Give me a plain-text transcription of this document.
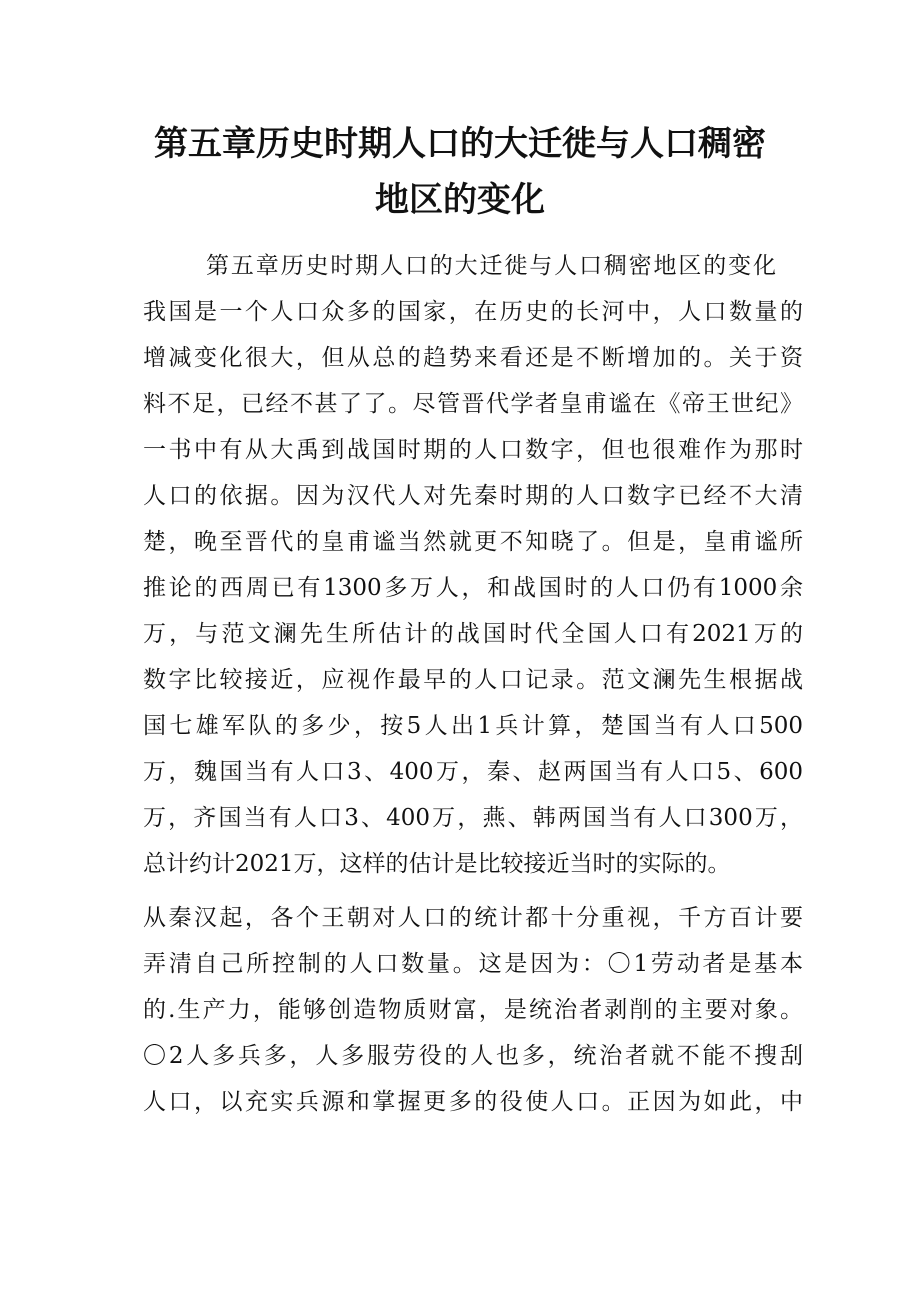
第五章历史时期人口的大迁徙与人口稠密
地区的变化
第五章历史时期人口的大迁徙与人口稠密地区的变化
我国是一个人口众多的国家，在历史的长河中，人口数量的
增减变化很大，但从总的趋势来看还是不断增加的。关于资
料不足，已经不甚了了。尽管晋代学者皇甫谧在《帝王世纪》
一书中有从大禹到战国时期的人口数字，但也很难作为那时
人口的依据。因为汉代人对先秦时期的人口数字已经不大清
楚，晚至晋代的皇甫谧当然就更不知晓了。但是，皇甫谧所
推论的西周已有1300多万人，和战国时的人口仍有1000余
万，与范文澜先生所估计的战国时代全国人口有2021万的
数字比较接近，应视作最早的人口记录。范文澜先生根据战
国七雄军队的多少，按5人出1兵计算，楚国当有人口500
万，魏国当有人口3、400万，秦、赵两国当有人口5、600
万，齐国当有人口3、400万，燕、韩两国当有人口300万，
总计约计2021万，这样的估计是比较接近当时的实际的。
从秦汉起，各个王朝对人口的统计都十分重视，千方百计要
弄清自己所控制的人口数量。这是因为：〇1劳动者是基本
的.生产力，能够创造物质财富，是统治者剥削的主要对象。
〇2人多兵多，人多服劳役的人也多，统治者就不能不搜刮
人口，以充实兵源和掌握更多的役使人口。正因为如此，中
